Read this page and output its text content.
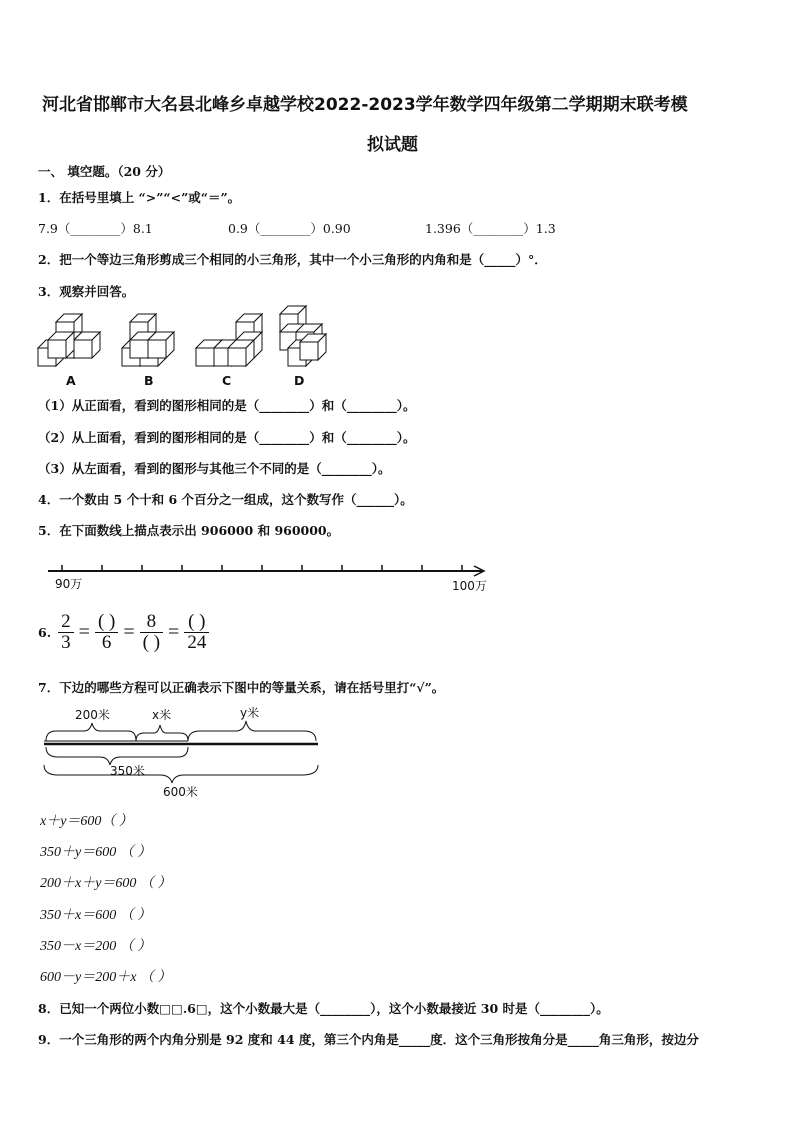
河北省邯郸市大名县北峰乡卓越学校2022-2023学年数学四年级第二学期期末联考模
拟试题
一、 填空题。（20 分）
1．在括号里填上 “>”“<”或“＝”。
7.9（________）8.1	0.9（________）0.90	1.396（________）1.3
2．把一个等边三角形剪成三个相同的小三角形，其中一个小三角形的内角和是（_____）°．
3．观察并回答。
A	B	C	D
（1）从正面看，看到的图形相同的是（________）和（________）。
（2）从上面看，看到的图形相同的是（________）和（________）。
（3）从左面看，看到的图形与其他三个不同的是（________）。
4．一个数由 5 个十和 6 个百分之一组成，这个数写作（______）。
5．在下面数线上描点表示出 906000 和 960000。
90万	100万
6. $\frac{2}{3} = \frac{( )}{6} = \frac{8}{( )} = \frac{( )}{24}$
7．下边的哪些方程可以正确表示下图中的等量关系，请在括号里打“√”。
200米	x米	y米
350米
600米
x＋y＝600（ ）
350＋y＝600 （ ）
200＋x＋y＝600 （ ）
350＋x＝600 （ ）
350－x＝200 （ ）
600－y＝200＋x （ ）
8．已知一个两位小数□□.6□，这个小数最大是（________），这个小数最接近 30 时是（________）。
9．一个三角形的两个内角分别是 92 度和 44 度，第三个内角是_____度．这个三角形按角分是_____角三角形，按边分
